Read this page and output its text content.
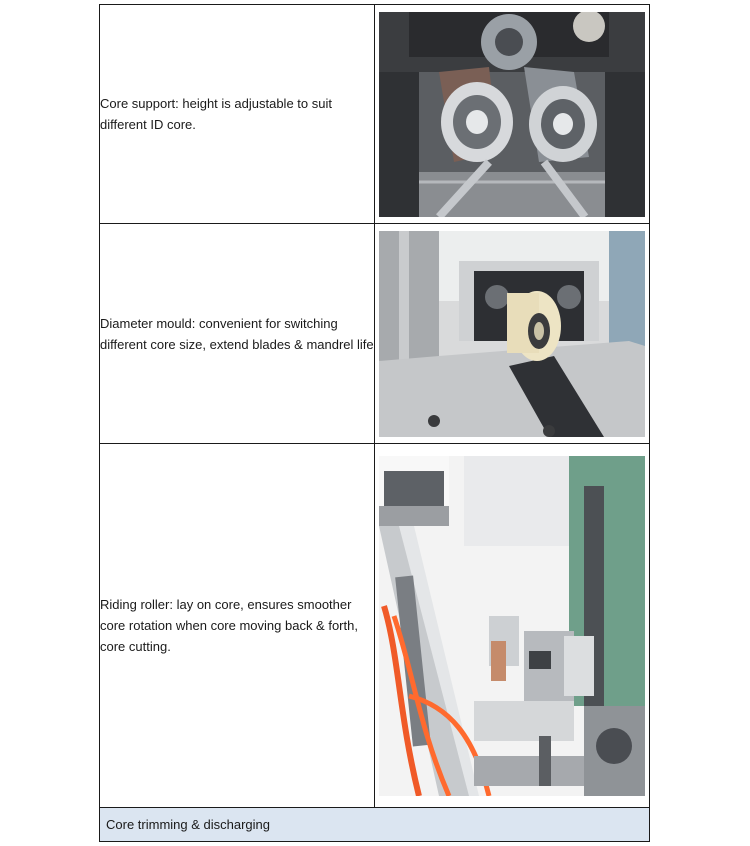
Core support: height is adjustable to suit different ID core.	

Diameter mould: convenient for switching different core size, extend blades & mandrel life	

Riding roller: lay on core, ensures smoother core rotation when core moving back & forth, core cutting.	

Core trimming & discharging	
